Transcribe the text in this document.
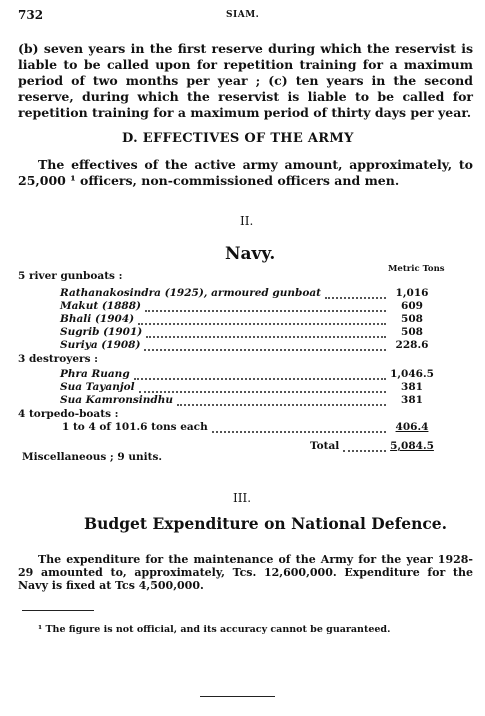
732	SIAM.

(b) seven years in the first reserve during which the reservist is liable to be called upon for repetition training for a maximum period of two months per year ; (c) ten years in the second reserve, during which the reservist is liable to be called for repetition training for a maximum period of thirty days per year.

D. EFFECTIVES OF THE ARMY

The effectives of the active army amount, approximately, to 25,000 ¹ officers, non-commissioned officers and men.

II.
Navy.
Metric Tons
5 river gunboats :
Rathanakosindra (1925), armoured gunboat	1,016
Makut (1888)	609
Bhali (1904)	508
Sugrib (1901)	508
Suriya (1908)	228.6
3 destroyers :
Phra Ruang	1,046.5
Sua Tayanjol	381
Sua Kamronsindhu	381
4 torpedo-boats :
1 to 4 of 101.6 tons each	406.4
Total	5,084.5
Miscellaneous ; 9 units.
III.
Budget Expenditure on National Defence.

The expenditure for the maintenance of the Army for the year 1928-29 amounted to, approximately, Tcs. 12,600,000. Expenditure for the Navy is fixed at Tcs 4,500,000.

¹ The figure is not official, and its accuracy cannot be guaranteed.
